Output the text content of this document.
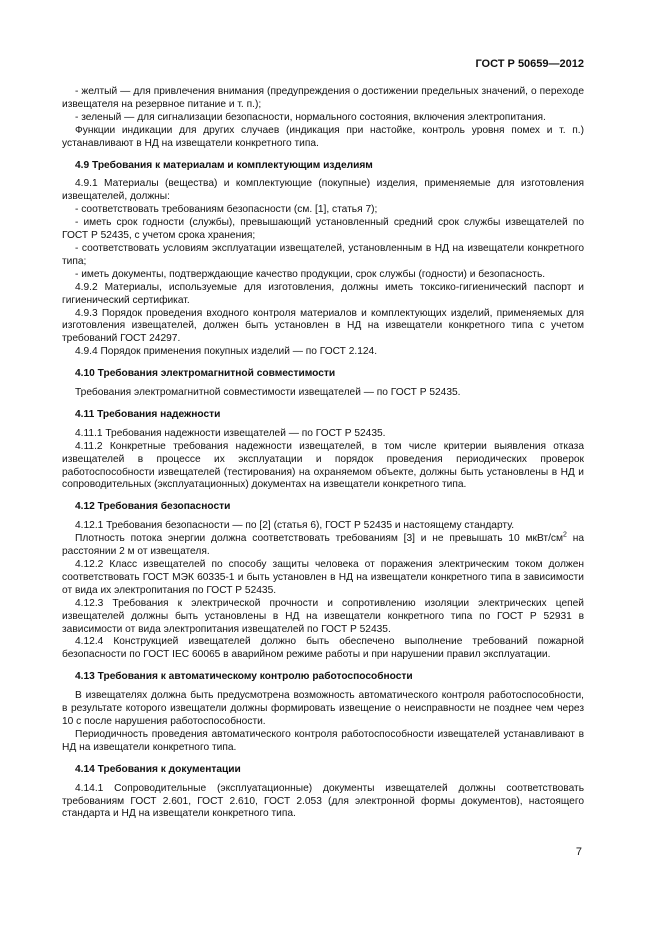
ГОСТ Р 50659—2012

- желтый — для привлечения внимания (предупреждения о достижении предельных значений, о переходе извещателя на резервное питание и т. п.);

- зеленый — для сигнализации безопасности, нормального состояния, включения электропитания.

Функции индикации для других случаев (индикация при настойке, контроль уровня помех и т. п.) устанавливают в НД на извещатели конкретного типа.

4.9 Требования к материалам и комплектующим изделиям

4.9.1 Материалы (вещества) и комплектующие (покупные) изделия, применяемые для изготовления извещателей, должны:

- соответствовать требованиям безопасности (см. [1], статья 7);

- иметь срок годности (службы), превышающий установленный средний срок службы извещателей по ГОСТ Р 52435, с учетом срока хранения;

- соответствовать условиям эксплуатации извещателей, установленным в НД на извещатели конкретного типа;

- иметь документы, подтверждающие качество продукции, срок службы (годности) и безопасность.

4.9.2 Материалы, используемые для изготовления, должны иметь токсико-гигиенический паспорт и гигиенический сертификат.

4.9.3 Порядок проведения входного контроля материалов и комплектующих изделий, применяемых для изготовления извещателей, должен быть установлен в НД на извещатели конкретного типа с учетом требований ГОСТ 24297.

4.9.4 Порядок применения покупных изделий — по ГОСТ 2.124.

4.10 Требования электромагнитной совместимости

Требования электромагнитной совместимости извещателей — по ГОСТ Р 52435.

4.11 Требования надежности

4.11.1 Требования надежности извещателей — по ГОСТ Р 52435.

4.11.2 Конкретные требования надежности извещателей, в том числе критерии выявления отказа извещателей в процессе их эксплуатации и порядок проведения периодических проверок работоспособности извещателей (тестирования) на охраняемом объекте, должны быть установлены в НД и сопроводительных (эксплуатационных) документах на извещатели конкретного типа.

4.12 Требования безопасности

4.12.1 Требования безопасности — по [2] (статья 6), ГОСТ Р 52435 и настоящему стандарту.

Плотность потока энергии должна соответствовать требованиям [3] и не превышать 10 мкВт/$см^2$ на расстоянии 2 м от извещателя.

4.12.2 Класс извещателей по способу защиты человека от поражения электрическим током должен соответствовать ГОСТ МЭК 60335-1 и быть установлен в НД на извещатели конкретного типа в зависимости от вида их электропитания по ГОСТ Р 52435.

4.12.3 Требования к электрической прочности и сопротивлению изоляции электрических цепей извещателей должны быть установлены в НД на извещатели конкретного типа по ГОСТ Р 52931 в зависимости от вида электропитания извещателей по ГОСТ Р 52435.

4.12.4 Конструкцией извещателей должно быть обеспечено выполнение требований пожарной безопасности по ГОСТ IEC 60065 в аварийном режиме работы и при нарушении правил эксплуатации.

4.13 Требования к автоматическому контролю работоспособности

В извещателях должна быть предусмотрена возможность автоматического контроля работоспособности, в результате которого извещатели должны формировать извещение о неисправности не позднее чем через 10 с после нарушения работоспособности.

Периодичность проведения автоматического контроля работоспособности извещателей устанавливают в НД на извещатели конкретного типа.

4.14 Требования к документации

4.14.1 Сопроводительные (эксплуатационные) документы извещателей должны соответствовать требованиям ГОСТ 2.601, ГОСТ 2.610, ГОСТ 2.053 (для электронной формы документов), настоящего стандарта и НД на извещатели конкретного типа.

7
